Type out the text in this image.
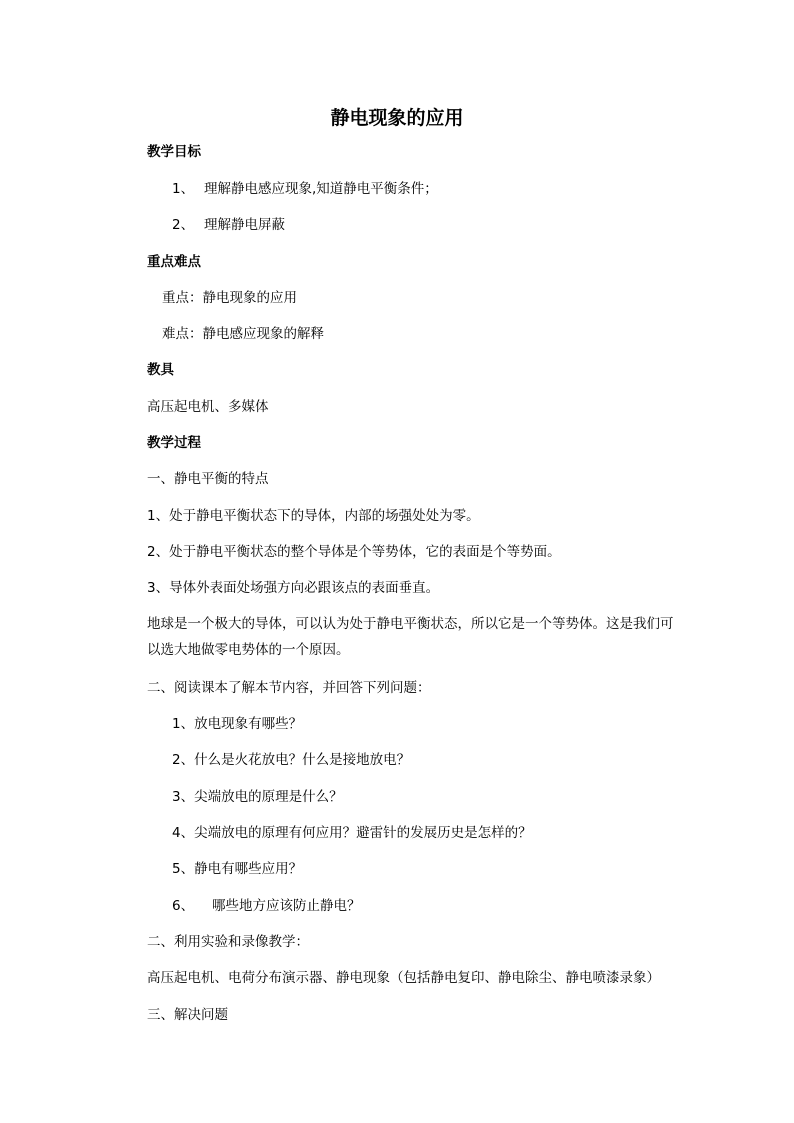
静电现象的应用
教学目标
1、 理解静电感应现象,知道静电平衡条件；
2、 理解静电屏蔽
重点难点
重点：静电现象的应用
难点：静电感应现象的解释
教具
高压起电机、多媒体
教学过程
一、静电平衡的特点
1、处于静电平衡状态下的导体，内部的场强处处为零。
2、处于静电平衡状态的整个导体是个等势体，它的表面是个等势面。
3、导体外表面处场强方向必跟该点的表面垂直。
地球是一个极大的导体，可以认为处于静电平衡状态，所以它是一个等势体。这是我们可以选大地做零电势体的一个原因。
二、阅读课本了解本节内容，并回答下列问题：
1、放电现象有哪些？
2、什么是火花放电？什么是接地放电？
3、尖端放电的原理是什么？
4、尖端放电的原理有何应用？避雷针的发展历史是怎样的？
5、静电有哪些应用？
6、 哪些地方应该防止静电？
二、利用实验和录像教学：
高压起电机、电荷分布演示器、静电现象（包括静电复印、静电除尘、静电喷漆录象）
三、解决问题
